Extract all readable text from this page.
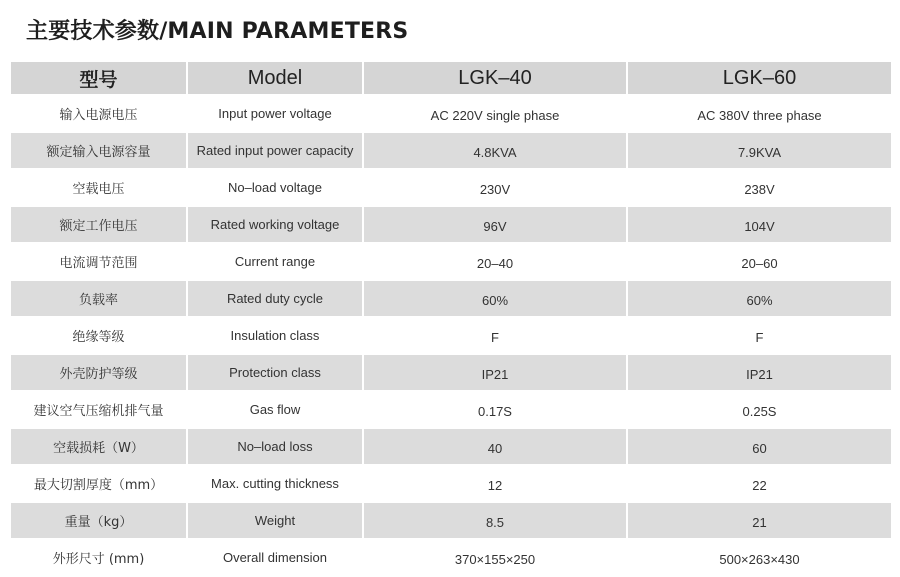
主要技术参数/MAIN PARAMETERS
型号	Model	LGK–40	LGK–60
输入电源电压	Input power voltage	AC 220V single phase	AC 380V three phase
额定输入电源容量	Rated input power capacity	4.8KVA	7.9KVA
空载电压	No–load voltage	230V	238V
额定工作电压	Rated working voltage	96V	104V
电流调节范围	Current range	20–40	20–60
负载率	Rated duty cycle	60%	60%
绝缘等级	Insulation class	F	F
外壳防护等级	Protection class	IP21	IP21
建议空气压缩机排气量	Gas flow	0.17S	0.25S
空载损耗（W）	No–load loss	40	60
最大切割厚度（mm）	Max. cutting thickness	12	22
重量（kg）	Weight	8.5	21
外形尺寸 (mm)	Overall dimension	370×155×250	500×263×430
